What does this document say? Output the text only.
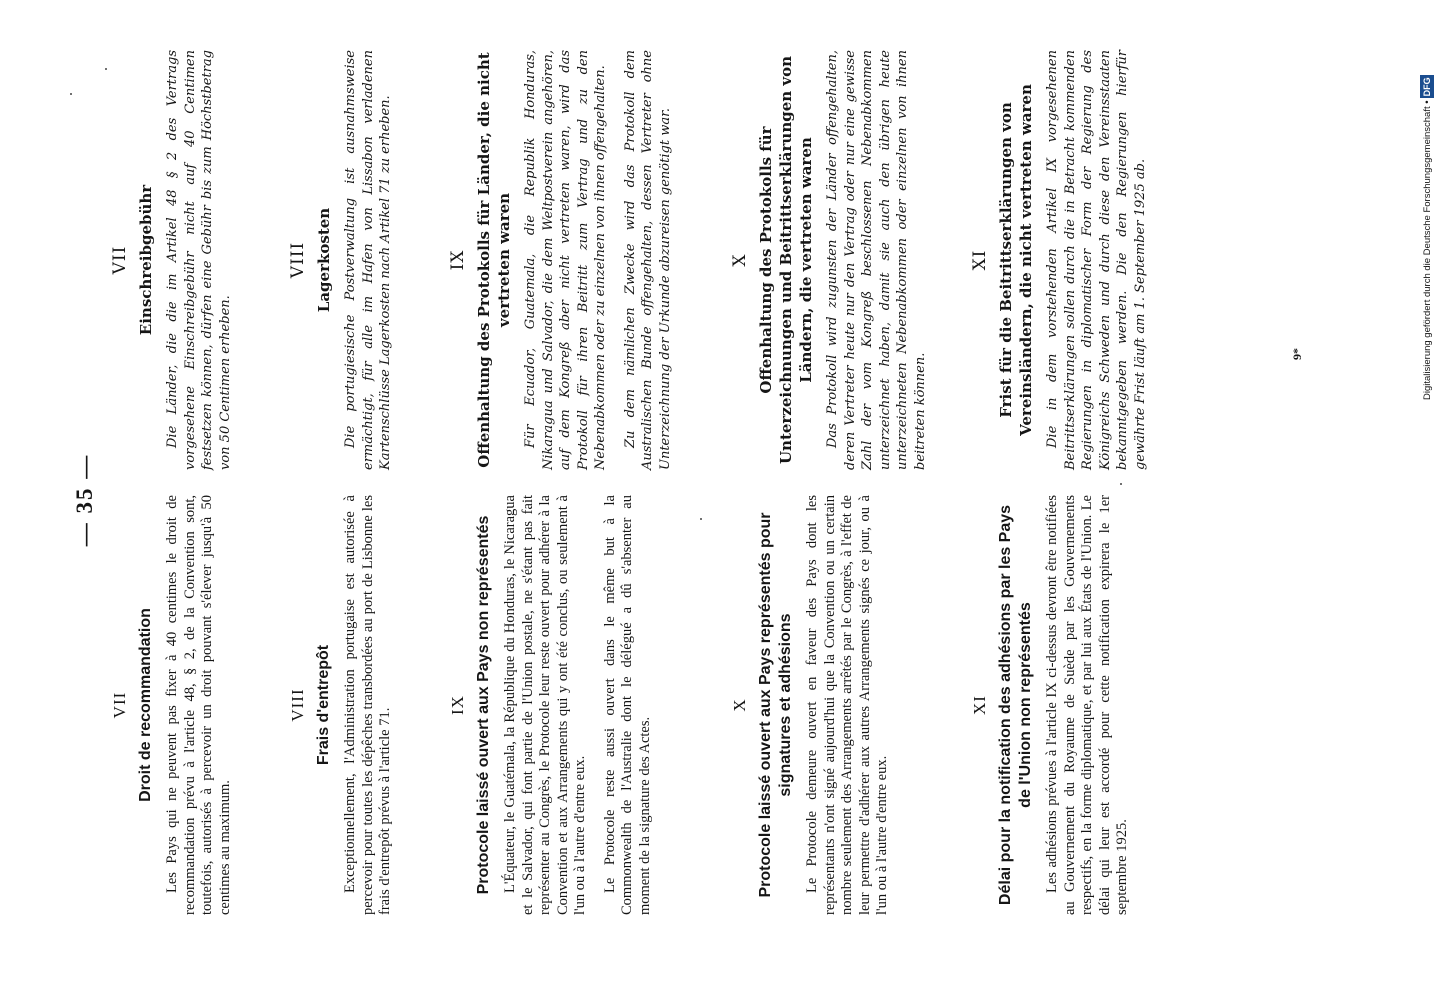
— 35 —

VII Droit de recommandation Les Pays qui ne peuvent pas fixer à 40 centimes le droit de recommandation prévu à l'article 48, § 2, de la Convention sont, toutefois, autorisés à percevoir un droit pouvant s'élever jusqu'à 50 centimes au maximum.

VIII Frais d'entrepôt Exceptionnellement, l'Administration portugaise est autorisée à percevoir pour toutes les dépêches transbordées au port de Lisbonne les frais d'entrepôt prévus à l'article 71.

IX Protocole laissé ouvert aux Pays non représentés L'Équateur, le Guatémala, la République du Honduras, le Nicaragua et le Salvador, qui font partie de l'Union postale, ne s'étant pas fait représenter au Congrès, le Protocole leur reste ouvert pour adhérer à la Convention et aux Arrangements qui y ont été conclus, ou seulement à l'un ou à l'autre d'entre eux. Le Protocole reste aussi ouvert dans le même but à la Commonwealth de l'Australie dont le délégué a dû s'absenter au moment de la signature des Actes.

X Protocole laissé ouvert aux Pays représentés pour signatures et adhésions Le Protocole demeure ouvert en faveur des Pays dont les représentants n'ont signé aujourd'hui que la Convention ou un certain nombre seulement des Arrangements arrêtés par le Congrès, à l'effet de leur permettre d'adhérer aux autres Arrangements signés ce jour, ou à l'un ou à l'autre d'entre eux.

XI Délai pour la notification des adhésions par les Pays de l'Union non représentés Les adhésions prévues à l'article IX ci-dessus devront être notifiées au Gouvernement du Royaume de Suède par les Gouvernements respectifs, en la forme diplomatique, et par lui aux États de l'Union. Le délai qui leur est accordé pour cette notification expirera le 1er septembre 1925.

VII Einschreibgebühr Die Länder, die die im Artikel 48 § 2 des Vertrags vorgesehene Einschreibgebühr nicht auf 40 Centimen festsetzen können, dürfen eine Gebühr bis zum Höchstbetrag von 50 Centimen erheben.

VIII Lagerkosten Die portugiesische Postverwaltung ist ausnahmsweise ermächtigt, für alle im Hafen von Lissabon verladenen Kartenschlüsse Lagerkosten nach Artikel 71 zu erheben.	IX Offenhaltung des Protokolls für Länder, die nicht vertreten waren Für Ecuador, Guatemala, die Republik Honduras, Nikaragua und Salvador, die dem Weltpostverein angehören, auf dem Kongreß aber nicht vertreten waren, wird das Protokoll für ihren Beitritt zum Vertrag und zu den Nebenabkommen oder zu einzelnen von ihnen offengehalten. Zu dem nämlichen Zwecke wird das Protokoll dem Australischen Bunde offengehalten, dessen Vertreter ohne Unterzeichnung der Urkunde abzureisen genötigt war.	X Offenhaltung des Protokolls für Unterzeichnungen und Beitrittserklärungen von Ländern, die vertreten waren Das Protokoll wird zugunsten der Länder offengehalten, deren Vertreter heute nur den Vertrag oder nur eine gewisse Zahl der vom Kongreß beschlossenen Nebenabkommen unterzeichnet haben, damit sie auch den übrigen heute unterzeichneten Nebenabkommen oder einzelnen von ihnen beitreten können.

XI Frist für die Beitrittserklärungen von Vereinsländern, die nicht vertreten waren Die in dem vorstehenden Artikel IX vorgesehenen Beitrittserklärungen sollen durch die in Betracht kommenden Regierungen in diplomatischer Form der Regierung des Königreichs Schweden und durch diese den Vereinsstaaten bekanntgegeben werden. Die den Regierungen hierfür gewährte Frist läuft am 1. September 1925 ab.	9*	Digitalisierung gefördert durch die Deutsche Forschungsgemeinschaft •DFG
